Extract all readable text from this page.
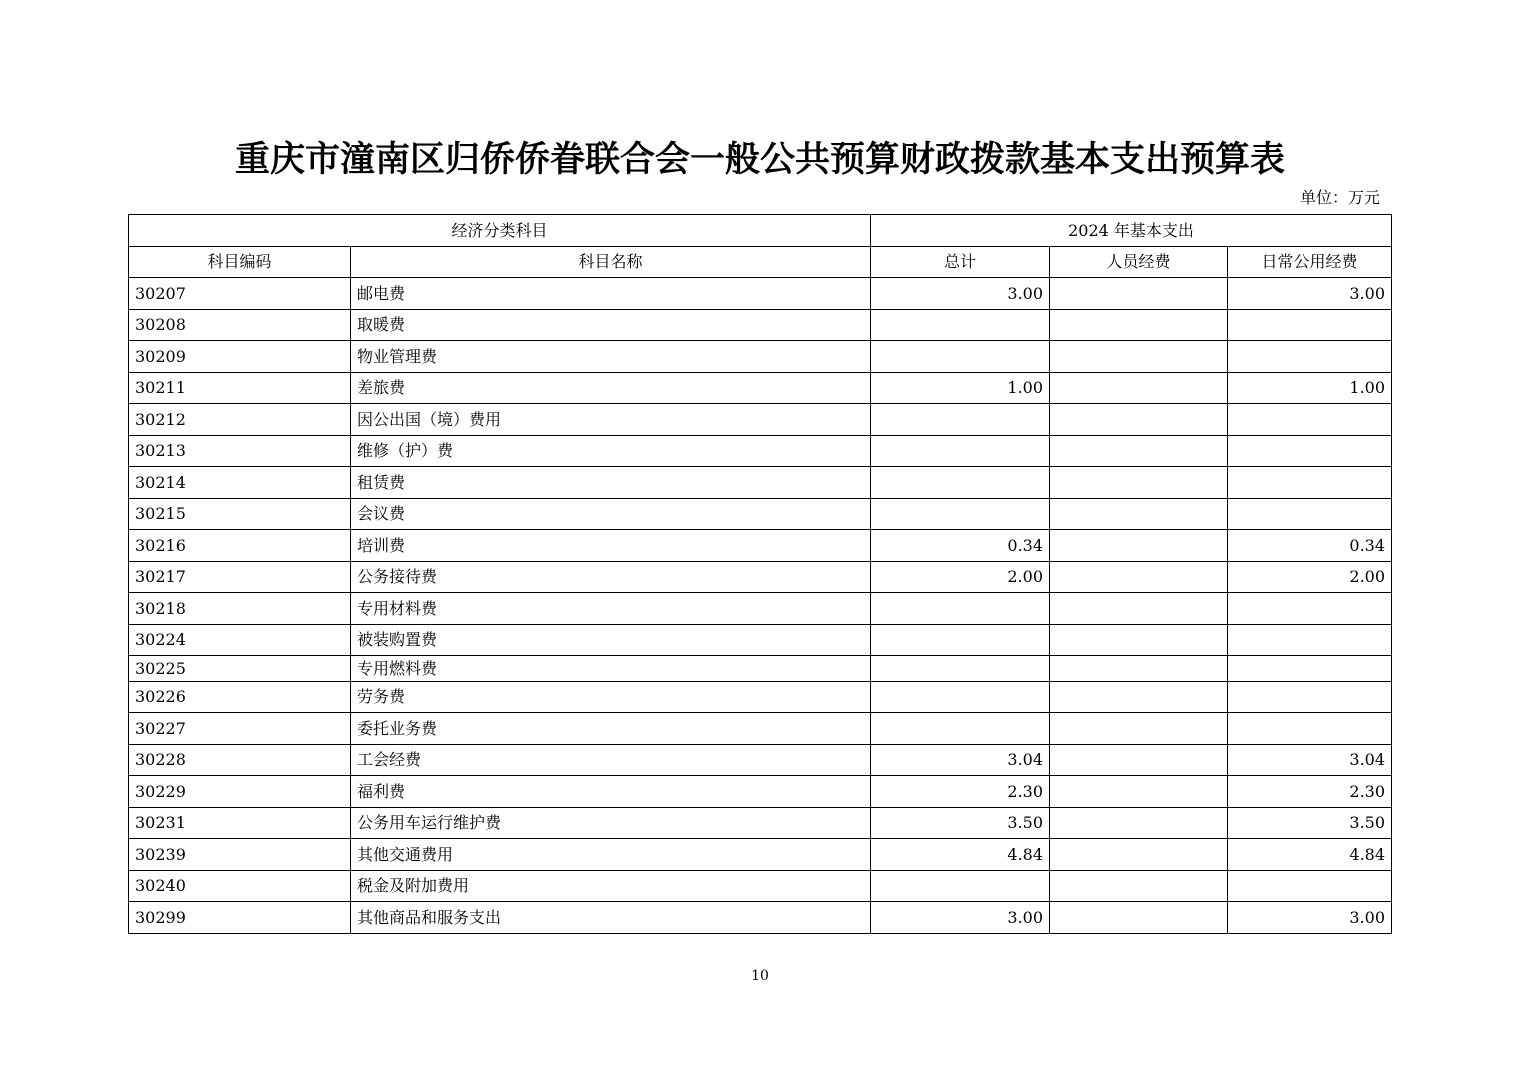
重庆市潼南区归侨侨眷联合会一般公共预算财政拨款基本支出预算表
单位：万元
经济分类科目		2024 年基本支出		
科目编码	科目名称	总计	人员经费	日常公用经费
30207	邮电费	3.00		3.00
30208	取暖费			
30209	物业管理费			
30211	差旅费	1.00		1.00
30212	因公出国（境）费用			
30213	维修（护）费			
30214	租赁费			
30215	会议费			
30216	培训费	0.34		0.34
30217	公务接待费	2.00		2.00
30218	专用材料费			
30224	被装购置费			
30225	专用燃料费			
30226	劳务费			
30227	委托业务费			
30228	工会经费	3.04		3.04
30229	福利费	2.30		2.30
30231	公务用车运行维护费	3.50		3.50
30239	其他交通费用	4.84		4.84
30240	税金及附加费用			
30299	其他商品和服务支出	3.00		3.00
10
